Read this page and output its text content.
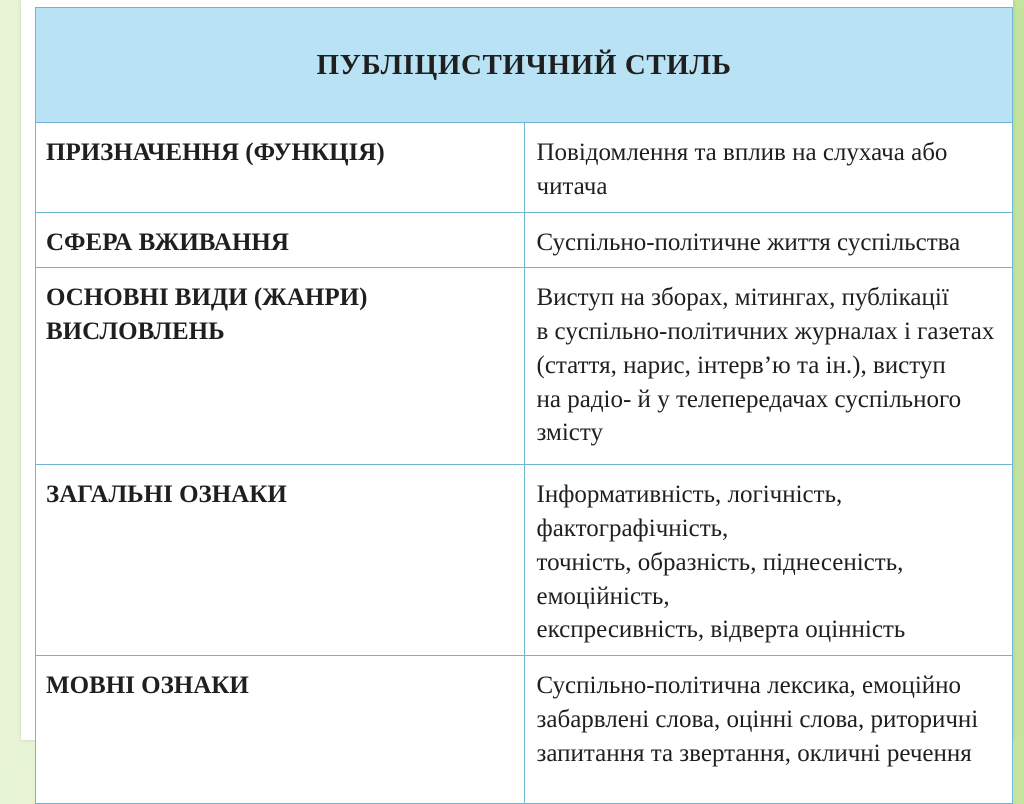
ПУБЛІЦИСТИЧНИЙ СТИЛЬ	
ПРИЗНАЧЕННЯ (ФУНКЦІЯ)	Повідомлення та вплив на слухача або читача
СФЕРА ВЖИВАННЯ	Суспільно-політичне життя суспільства
ОСНОВНІ ВИДИ (ЖАНРИ) ВИСЛОВЛЕНЬ	Виступ на зборах, мітингах, публікації
в суспільно-політичних журналах і газетах
(стаття, нарис, інтерв’ю та ін.), виступ
на радіо- й у телепередачах суспільного змісту
ЗАГАЛЬНІ ОЗНАКИ	Інформативність, логічність, фактографічність,
точність, образність, піднесеність, емоційність,
експресивність, відверта оцінність
МОВНІ ОЗНАКИ	Суспільно-політична лексика, емоційно
забарвлені слова, оцінні слова, риторичні
запитання та звертання, окличні речення
